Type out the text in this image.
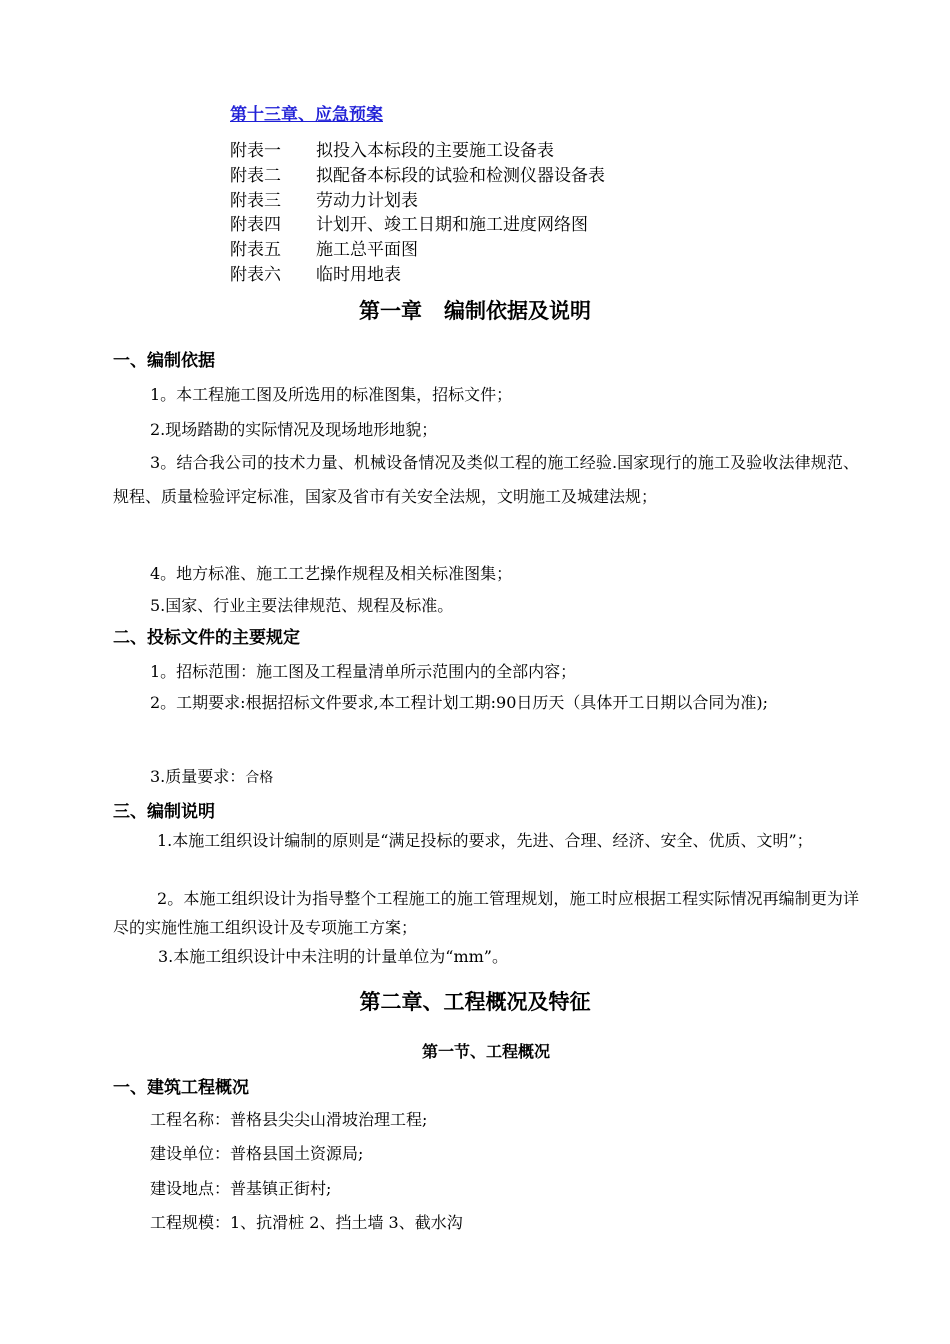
第十三章、应急预案
附表一 拟投入本标段的主要施工设备表
附表二 拟配备本标段的试验和检测仪器设备表
附表三 劳动力计划表
附表四 计划开、竣工日期和施工进度网络图
附表五 施工总平面图
附表六 临时用地表
第一章   编制依据及说明
一、编制依据
1。本工程施工图及所选用的标准图集，招标文件；
2.现场踏勘的实际情况及现场地形地貌；
3。结合我公司的技术力量、机械设备情况及类似工程的施工经验.国家现行的施工及验收法律规范、规程、质量检验评定标准，国家及省市有关安全法规，文明施工及城建法规；
4。地方标准、施工工艺操作规程及相关标准图集；
5.国家、行业主要法律规范、规程及标准。
二、投标文件的主要规定
1。招标范围：施工图及工程量清单所示范围内的全部内容；
2。工期要求:根据招标文件要求,本工程计划工期:90日历天（具体开工日期以合同为准);
3.质量要求：合格
三、编制说明
1.本施工组织设计编制的原则是“满足投标的要求，先进、合理、经济、安全、优质、文明”；
2。本施工组织设计为指导整个工程施工的施工管理规划，施工时应根据工程实际情况再编制更为详尽的实施性施工组织设计及专项施工方案；
3.本施工组织设计中未注明的计量单位为“mm”。
第二章、工程概况及特征
第一节、工程概况
一、建筑工程概况
工程名称：普格县尖尖山滑坡治理工程;
建设单位：普格县国土资源局;
建设地点：普基镇正街村;
工程规模：1、抗滑桩 2、挡土墙 3、截水沟
